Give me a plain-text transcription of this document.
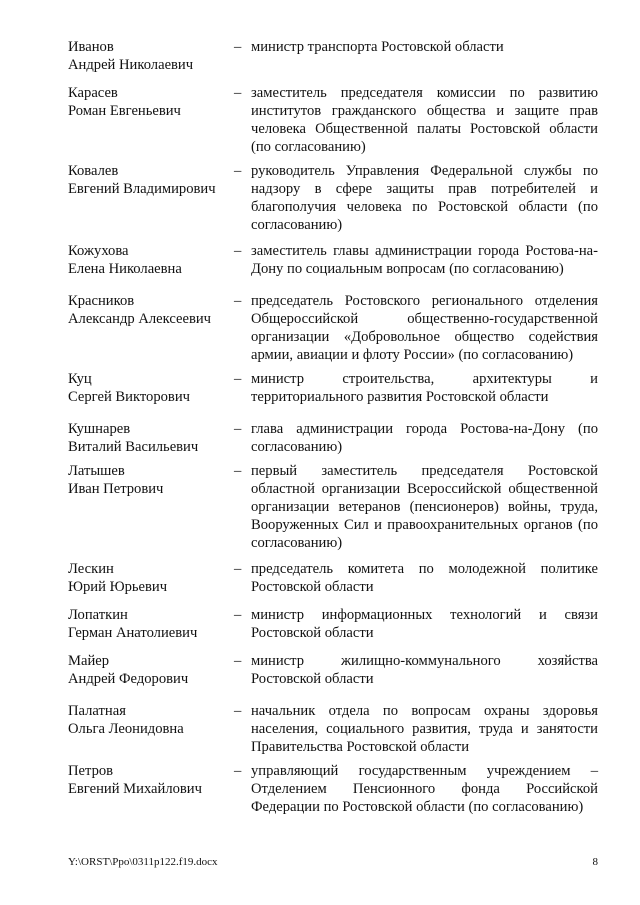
Иванов
Андрей Николаевич
– министр транспорта Ростовской области
Карасев
Роман Евгеньевич
– заместитель председателя комиссии по развитию институтов гражданского общества и защите прав человека Общественной палаты Ростовской области (по согласованию)
Ковалев
Евгений Владимирович
– руководитель Управления Федеральной службы по надзору в сфере защиты прав потребителей и благополучия человека по Ростовской области (по согласованию)
Кожухова
Елена Николаевна
– заместитель главы администрации города Ростова-на-Дону по социальным вопросам (по согласованию)
Красников
Александр Алексеевич
– председатель Ростовского регионального отделения Общероссийской общественно-государственной организации «Добровольное общество содействия армии, авиации и флоту России» (по согласованию)
Куц
Сергей Викторович
– министр строительства, архитектуры и территориального развития Ростовской области
Кушнарев
Виталий Васильевич
– глава администрации города Ростова-на-Дону (по согласованию)
Латышев
Иван Петрович
– первый заместитель председателя Ростовской областной организации Всероссийской общественной организации ветеранов (пенсионеров) войны, труда, Вооруженных Сил и правоохранительных органов (по согласованию)
Лескин
Юрий Юрьевич
– председатель комитета по молодежной политике Ростовской области
Лопаткин
Герман Анатолиевич
– министр информационных технологий и связи Ростовской области
Майер
Андрей Федорович
– министр жилищно-коммунального хозяйства Ростовской области
Палатная
Ольга Леонидовна
– начальник отдела по вопросам охраны здоровья населения, социального развития, труда и занятости Правительства Ростовской области
Петров
Евгений Михайлович
– управляющий государственным учреждением – Отделением Пенсионного фонда Российской Федерации по Ростовской области (по согласованию)
Y:\ORST\Ppo\0311p122.f19.docx	8
